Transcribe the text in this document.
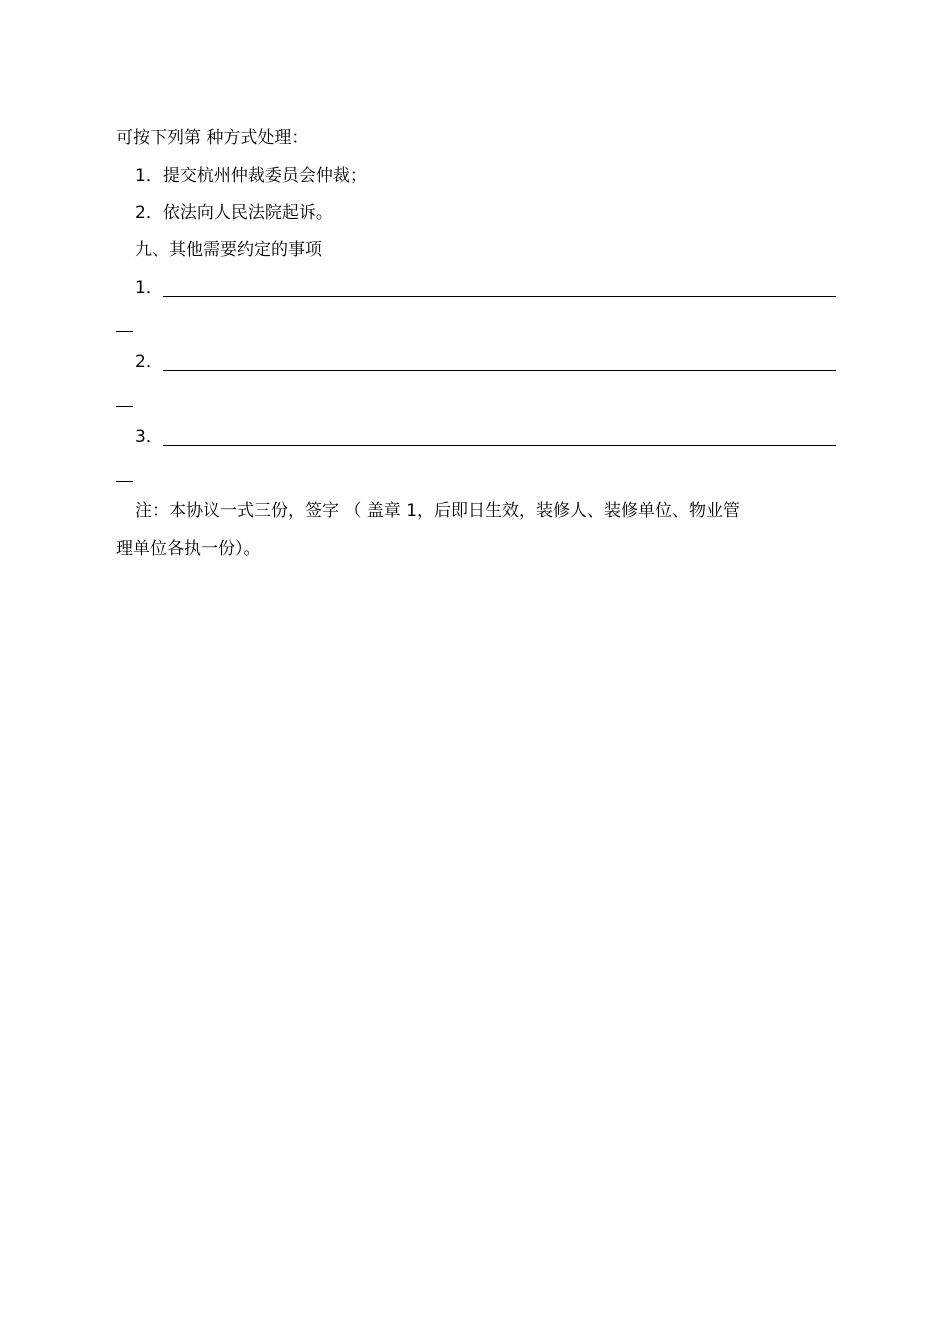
可按下列第 种方式处理：
1．提交杭州仲裁委员会仲裁；
2．依法向人民法院起诉。
九、其他需要约定的事项
1．
2．
3．
注：本协议一式三份，签字 （ 盖章 1，后即日生效，装修人、装修单位、物业管
理单位各执一份）。
